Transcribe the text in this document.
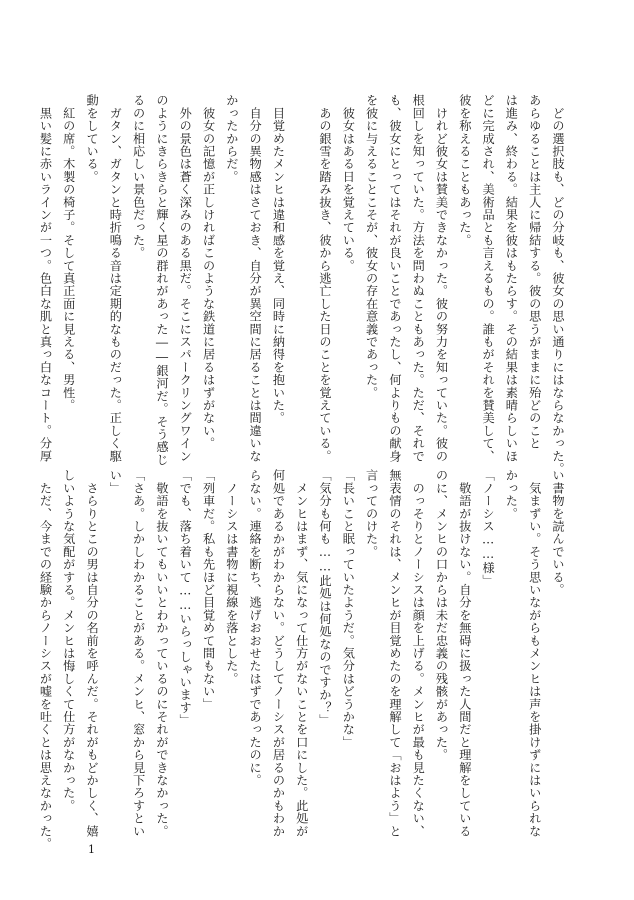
　どの選択肢も、どの分岐も、彼女の思い通りにはならなかった。
あらゆることは主人に帰結する。彼の思うがままに殆どのこと
は進み、終わる。結果を彼はもたらす。その結果は素晴らしいほ
どに完成され、美術品とも言えるもの。誰もがそれを賛美して、
彼を称えることもあった。
　けれど彼女は賛美できなかった。彼の努力を知っていた。彼の
根回しを知っていた。方法を問わぬこともあった。ただ、それで
も、彼女にとってはそれが良いことであったし、何よりもの献身
を彼に与えることこそが、彼女の存在意義であった。
　彼女はある日を覚えている。
　あの銀雪を踏み抜き、彼から逃亡した日のことを覚えている。

　目覚めたメンヒは違和感を覚え、同時に納得を抱いた。
　自分の異物感はさておき、自分が異空間に居ることは間違いな
かったからだ。
　彼女の記憶が正しければこのような鉄道に居るはずがない。
　外の景色は蒼く深みのある黒だ。そこにスパークリングワイン
のようにきらきらと輝く星の群れがあった――銀河だ。そう感じ
るのに相応しい景色だった。
　ガタン、ガタンと時折鳴る音は定期的なものだった。正しく駆
動をしている。
　紅の席。木製の椅子。そして真正面に見える、男性。
　黒い髪に赤いラインが一つ。色白な肌と真っ白なコート。分厚
い書物を読んでいる。
　気まずい。そう思いながらもメンヒは声を掛けずにはいられな
かった。
「ノーシス……様」
　敬語が抜けない。自分を無碍に扱った人間だと理解をしている
のに、メンヒの口からは未だ忠義の残骸があった。
　のっそりとノーシスは顔を上げる。メンヒが最も見たくない、
無表情のそれは、メンヒが目覚めたのを理解して「おはよう」と
言ってのけた。
「長いこと眠っていたようだ。気分はどうかな」
「気分も何も……此処は何処なのですか？」
　メンヒはまず、気になって仕方がないことを口にした。此処が
何処であるかがわからない。どうしてノーシスが居るのかもわか
らない。連絡を断ち、逃げおおせたはずであったのに。
　ノーシスは書物に視線を落とした。
「列車だ。私も先ほど目覚めて間もない」
「でも、落ち着いて……いらっしゃいます」
　敬語を抜いてもいいとわかっているのにそれができなかった。
「さあ。しかしわかることがある。メンヒ、窓から見下ろすとい
い」
　さらりとこの男は自分の名前を呼んだ。それがもどかしく、嬉
しいような気配がする。メンヒは悔しくて仕方がなかった。
　ただ、今までの経験からノーシスが嘘を吐くとは思えなかった。	1
